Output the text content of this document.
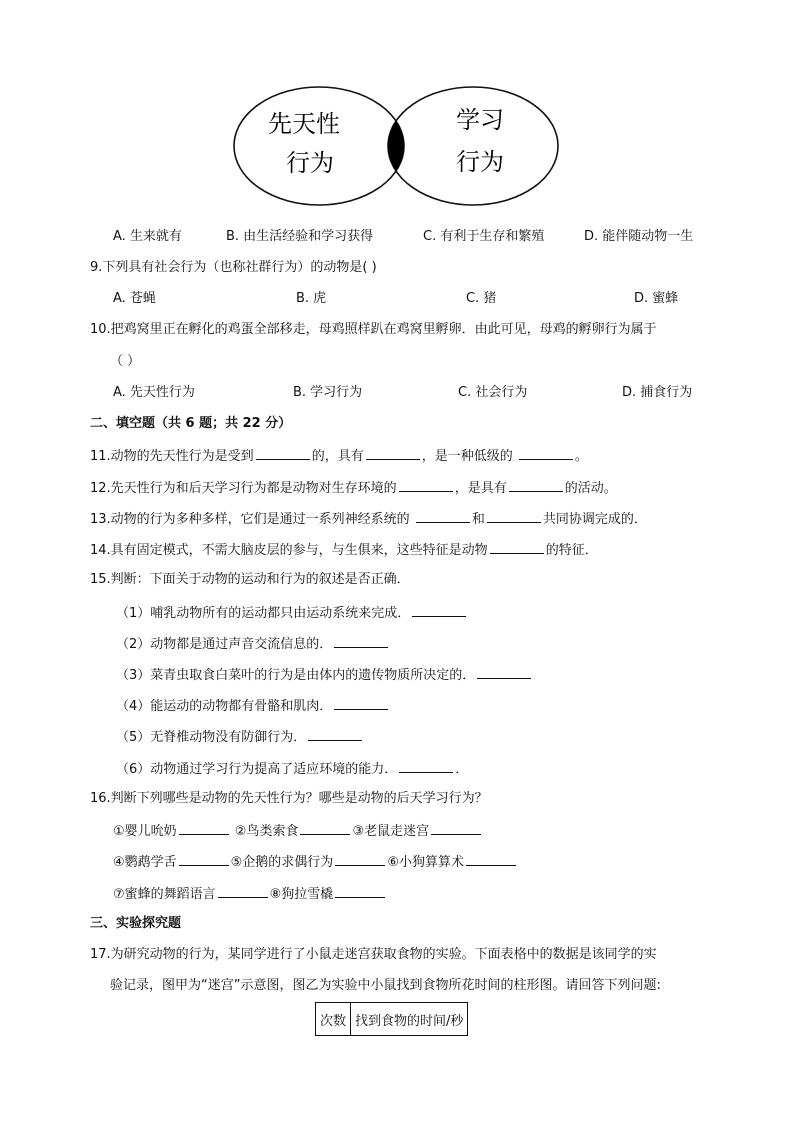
先天性
行为
学习
行为
A. 生来就有	B. 由生活经验和学习获得	C. 有利于生存和繁殖	D. 能伴随动物一生
9.下列具有社会行为（也称社群行为）的动物是( )
A. 苍蝇	B. 虎	C. 猪	D. 蜜蜂
10.把鸡窝里正在孵化的鸡蛋全部移走，母鸡照样趴在鸡窝里孵卵．由此可见，母鸡的孵卵行为属于
（ ）
A. 先天性行为	B. 学习行为	C. 社会行为	D. 捕食行为
二、填空题（共 6 题；共 22 分）
11.动物的先天性行为是受到	的，具有	，是一种低级的	。
12.先天性行为和后天学习行为都是动物对生存环境的	，是具有	的活动。
13.动物的行为多种多样，它们是通过一系列神经系统的	和	共同协调完成的．
14.具有固定模式，不需大脑皮层的参与，与生俱来，这些特征是动物	的特征．
15.判断：下面关于动物的运动和行为的叙述是否正确．
（1）哺乳动物所有的运动都只由运动系统来完成．
（2）动物都是通过声音交流信息的．
（3）菜青虫取食白菜叶的行为是由体内的遗传物质所决定的．
（4）能运动的动物都有骨骼和肌肉．
（5）无脊椎动物没有防御行为．
（6）动物通过学习行为提高了适应环境的能力．	．
16.判断下列哪些是动物的先天性行为？哪些是动物的后天学习行为？
①婴儿吮奶	②鸟类索食	③老鼠走迷宫
④鹦鹉学舌	⑤企鹅的求偶行为	⑥小狗算算术
⑦蜜蜂的舞蹈语言	⑧狗拉雪橇
三、实验探究题
17.为研究动物的行为，某同学进行了小鼠走迷宫获取食物的实验。下面表格中的数据是该同学的实
验记录，图甲为“迷宫”示意图，图乙为实验中小鼠找到食物所花时间的柱形图。请回答下列问题:
次数	找到食物的时间/秒
